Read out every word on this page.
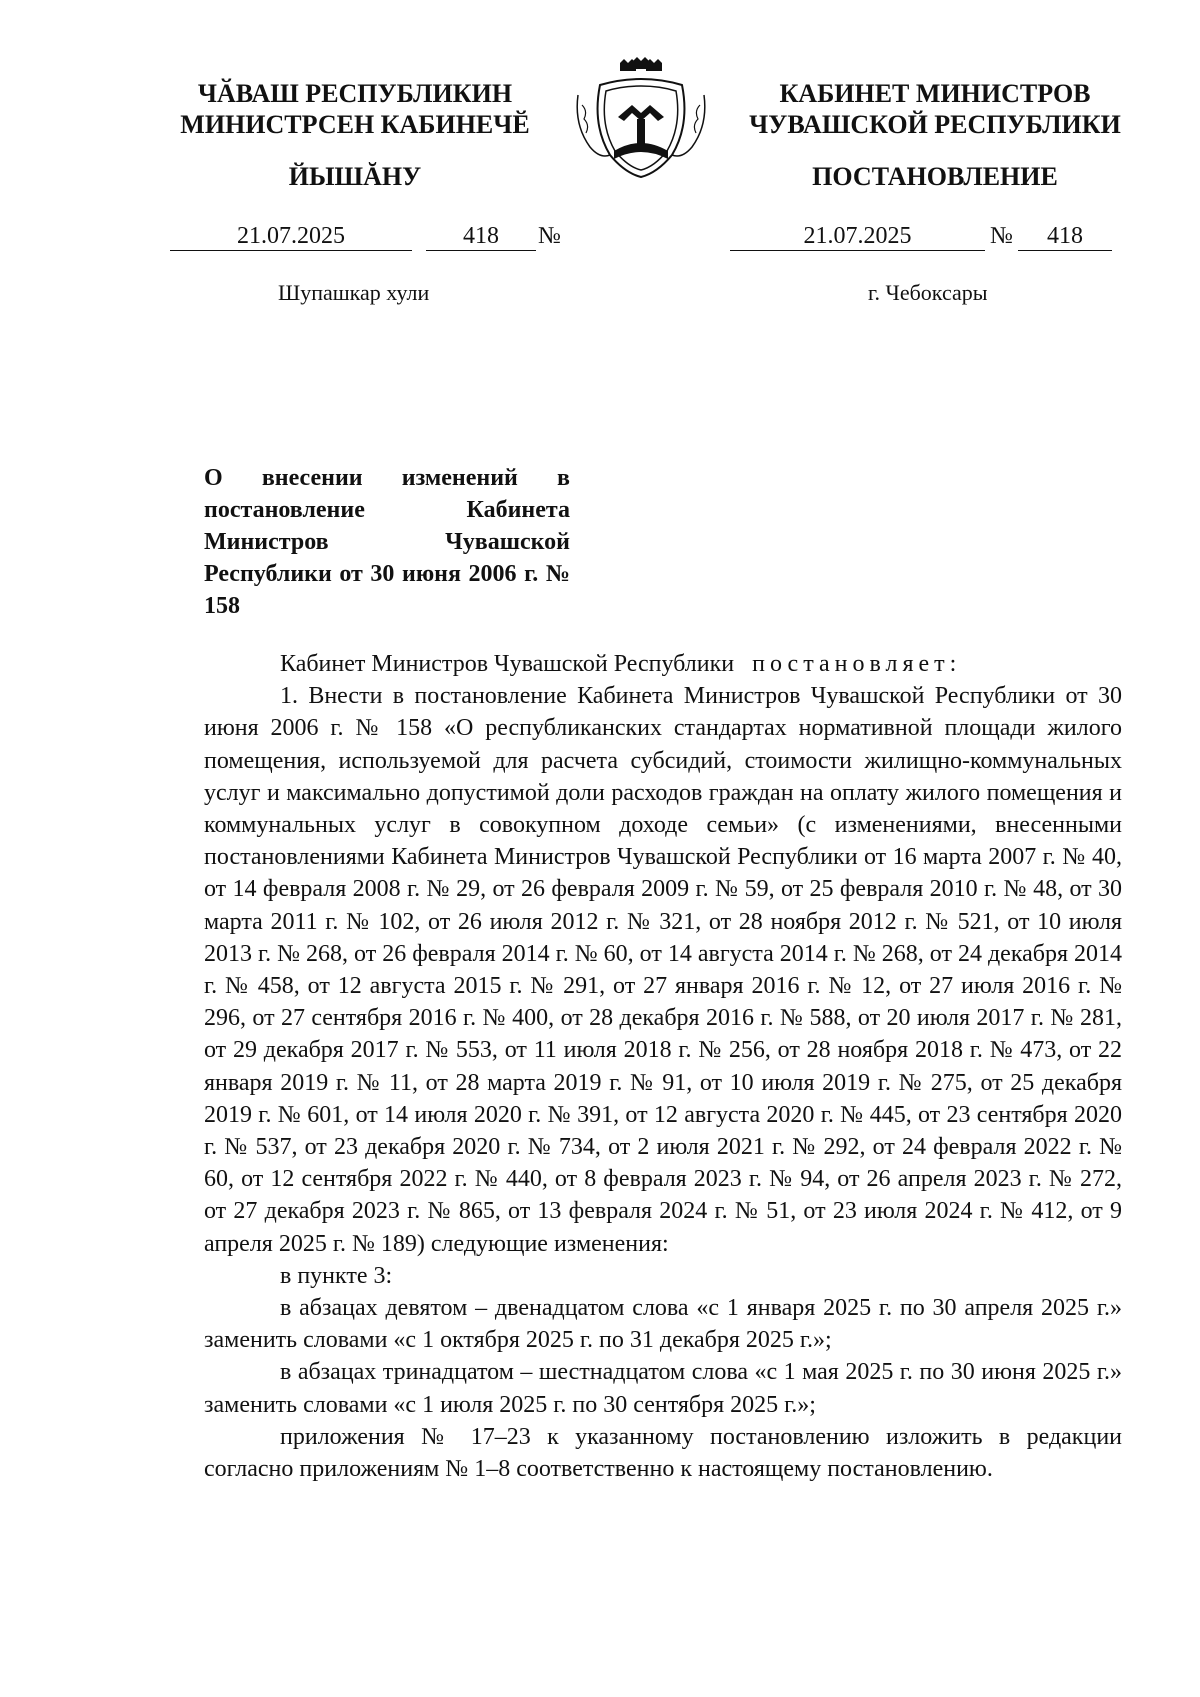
ЧӐВАШ РЕСПУБЛИКИН
МИНИСТРСЕН КАБИНЕЧӖ
ЙЫШĂНУ
КАБИНЕТ МИНИСТРОВ
ЧУВАШСКОЙ РЕСПУБЛИКИ
ПОСТАНОВЛЕНИЕ
21.07.2025	418	№	21.07.2025	№	418
Шупашкар хули	г. Чебоксары
О внесении изменений в постановление Кабинета Министров Чувашской Республики от 30 июня 2006 г. № 158

Кабинет Министров Чувашской Республики постановляет:

1. Внести в постановление Кабинета Министров Чувашской Республики от 30 июня 2006 г. № 158 «О республиканских стандартах нормативной площади жилого помещения, используемой для расчета субсидий, стоимости жилищно-коммунальных услуг и максимально допустимой доли расходов граждан на оплату жилого помещения и коммунальных услуг в совокупном доходе семьи» (с изменениями, внесенными постановлениями Кабинета Министров Чувашской Республики от 16 марта 2007 г. № 40, от 14 февраля 2008 г. № 29, от 26 февраля 2009 г. № 59, от 25 февраля 2010 г. № 48, от 30 марта 2011 г. № 102, от 26 июля 2012 г. № 321, от 28 ноября 2012 г. № 521, от 10 июля 2013 г. № 268, от 26 февраля 2014 г. № 60, от 14 августа 2014 г. № 268, от 24 декабря 2014 г. № 458, от 12 августа 2015 г. № 291, от 27 января 2016 г. № 12, от 27 июля 2016 г. № 296, от 27 сентября 2016 г. № 400, от 28 декабря 2016 г. № 588, от 20 июля 2017 г. № 281, от 29 декабря 2017 г. № 553, от 11 июля 2018 г. № 256, от 28 ноября 2018 г. № 473, от 22 января 2019 г. № 11, от 28 марта 2019 г. № 91, от 10 июля 2019 г. № 275, от 25 декабря 2019 г. № 601, от 14 июля 2020 г. № 391, от 12 августа 2020 г. № 445, от 23 сентября 2020 г. № 537, от 23 декабря 2020 г. № 734, от 2 июля 2021 г. № 292, от 24 февраля 2022 г. № 60, от 12 сентября 2022 г. № 440, от 8 февраля 2023 г. № 94, от 26 апреля 2023 г. № 272, от 27 декабря 2023 г. № 865, от 13 февраля 2024 г. № 51, от 23 июля 2024 г. № 412, от 9 апреля 2025 г. № 189) следующие изменения:

в пункте 3:

в абзацах девятом – двенадцатом слова «с 1 января 2025 г. по 30 апреля 2025 г.» заменить словами «с 1 октября 2025 г. по 31 декабря 2025 г.»;

в абзацах тринадцатом – шестнадцатом слова «с 1 мая 2025 г. по 30 июня 2025 г.» заменить словами «с 1 июля 2025 г. по 30 сентября 2025 г.»;

приложения № 17–23 к указанному постановлению изложить в редакции согласно приложениям № 1–8 соответственно к настоящему постановлению.
